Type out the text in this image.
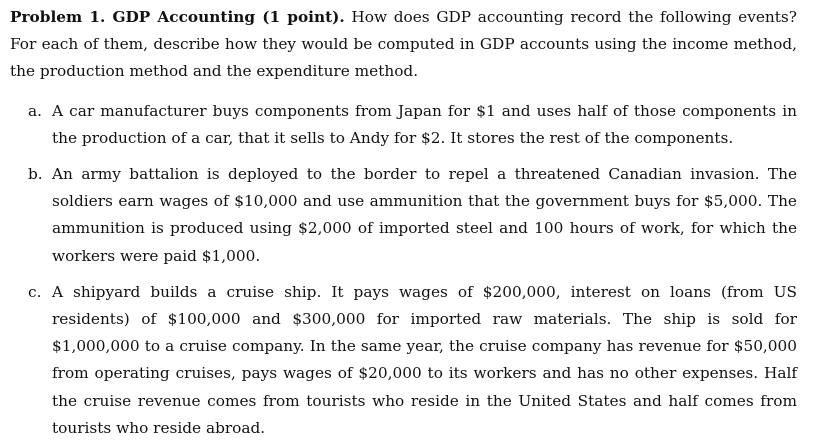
Problem 1. GDP Accounting (1 point). How does GDP accounting record the following events? For each of them, describe how they would be computed in GDP accounts using the income method, the production method and the expenditure method.

a. A car manufacturer buys components from Japan for $1 and uses half of those components in the production of a car, that it sells to Andy for $2. It stores the rest of the components.
b. An army battalion is deployed to the border to repel a threatened Canadian invasion. The soldiers earn wages of $10,000 and use ammunition that the government buys for $5,000. The ammunition is produced using $2,000 of imported steel and 100 hours of work, for which the workers were paid $1,000.
c. A shipyard builds a cruise ship. It pays wages of $200,000, interest on loans (from US residents) of $100,000 and $300,000 for imported raw materials. The ship is sold for $1,000,000 to a cruise company. In the same year, the cruise company has revenue for $50,000 from operating cruises, pays wages of $20,000 to its workers and has no other expenses. Half the cruise revenue comes from tourists who reside in the United States and half comes from tourists who reside abroad.
